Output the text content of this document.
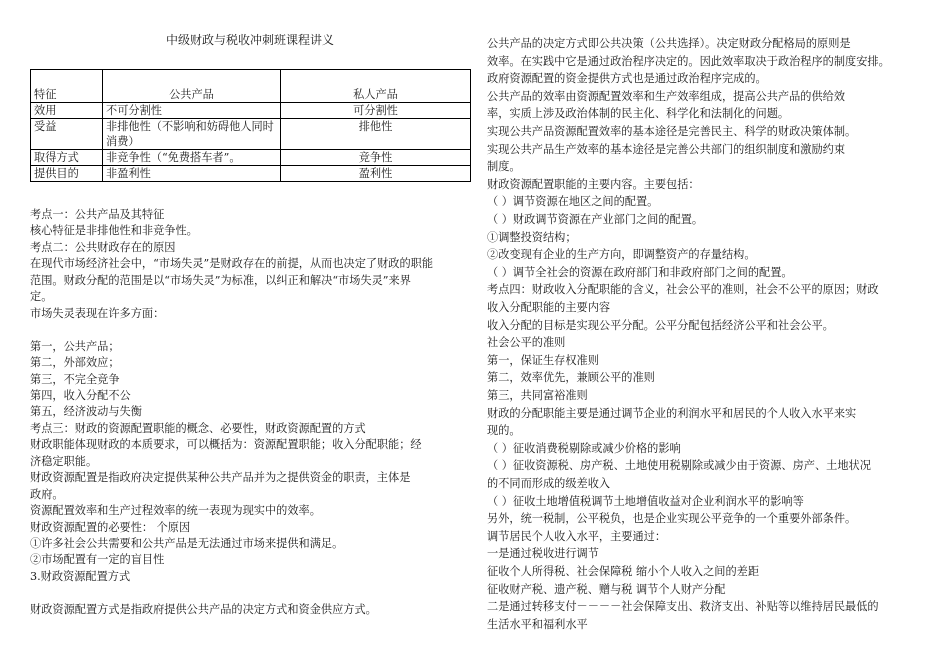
中级财政与税收冲刺班课程讲义
特征	公共产品	私人产品
效用	不可分割性	可分割性
受益	非排他性（不影响和妨碍他人同时消费）	排他性
取得方式	非竞争性（“免费搭车者”。	竞争性
提供目的	非盈利性	盈利性
考点一：公共产品及其特征
核心特征是非排他性和非竞争性。
考点二：公共财政存在的原因
在现代市场经济社会中，“市场失灵”是财政存在的前提，从而也决定了财政的职能
范围。财政分配的范围是以“市场失灵”为标准，以纠正和解决“市场失灵”来界
定。
市场失灵表现在许多方面：
第一，公共产品；
第二，外部效应；
第三，不完全竞争
第四，收入分配不公
第五，经济波动与失衡
考点三：财政的资源配置职能的概念、必要性，财政资源配置的方式
财政职能体现财政的本质要求，可以概括为：资源配置职能；收入分配职能；经
济稳定职能。
财政资源配置是指政府决定提供某种公共产品并为之提供资金的职责，主体是
政府。
资源配置效率和生产过程效率的统一表现为现实中的效率。
财政资源配置的必要性： 个原因
①许多社会公共需要和公共产品是无法通过市场来提供和满足。
②市场配置有一定的盲目性
3.财政资源配置方式
财政资源配置方式是指政府提供公共产品的决定方式和资金供应方式。
公共产品的决定方式即公共决策（公共选择）。决定财政分配格局的原则是
效率。在实践中它是通过政治程序决定的。因此效率取决于政治程序的制度安排。
政府资源配置的资金提供方式也是通过政治程序完成的。
公共产品的效率由资源配置效率和生产效率组成，提高公共产品的供给效
率，实质上涉及政治体制的民主化、科学化和法制化的问题。
实现公共产品资源配置效率的基本途径是完善民主、科学的财政决策体制。
实现公共产品生产效率的基本途径是完善公共部门的组织制度和激励约束
制度。
财政资源配置职能的主要内容。主要包括：
（ ）调节资源在地区之间的配置。
（ ）财政调节资源在产业部门之间的配置。
①调整投资结构；
②改变现有企业的生产方向，即调整资产的存量结构。
（ ）调节全社会的资源在政府部门和非政府部门之间的配置。
考点四：财政收入分配职能的含义，社会公平的准则，社会不公平的原因；财政
收入分配职能的主要内容
收入分配的目标是实现公平分配。公平分配包括经济公平和社会公平。
社会公平的准则
第一，保证生存权准则
第二，效率优先，兼顾公平的准则
第三，共同富裕准则
财政的分配职能主要是通过调节企业的利润水平和居民的个人收入水平来实
现的。
（ ）征收消费税剔除或减少价格的影响
（ ）征收资源税、房产税、土地使用税剔除或减少由于资源、房产、土地状况
的不同而形成的级差收入
（ ）征收土地增值税调节土地增值收益对企业利润水平的影响等
另外，统一税制，公平税负，也是企业实现公平竞争的一个重要外部条件。
调节居民个人收入水平，主要通过：
一是通过税收进行调节
征收个人所得税、社会保障税 缩小个人收入之间的差距
征收财产税、遗产税、赠与税 调节个人财产分配
二是通过转移支付－－－－社会保障支出、救济支出、补贴等以维持居民最低的
生活水平和福利水平
